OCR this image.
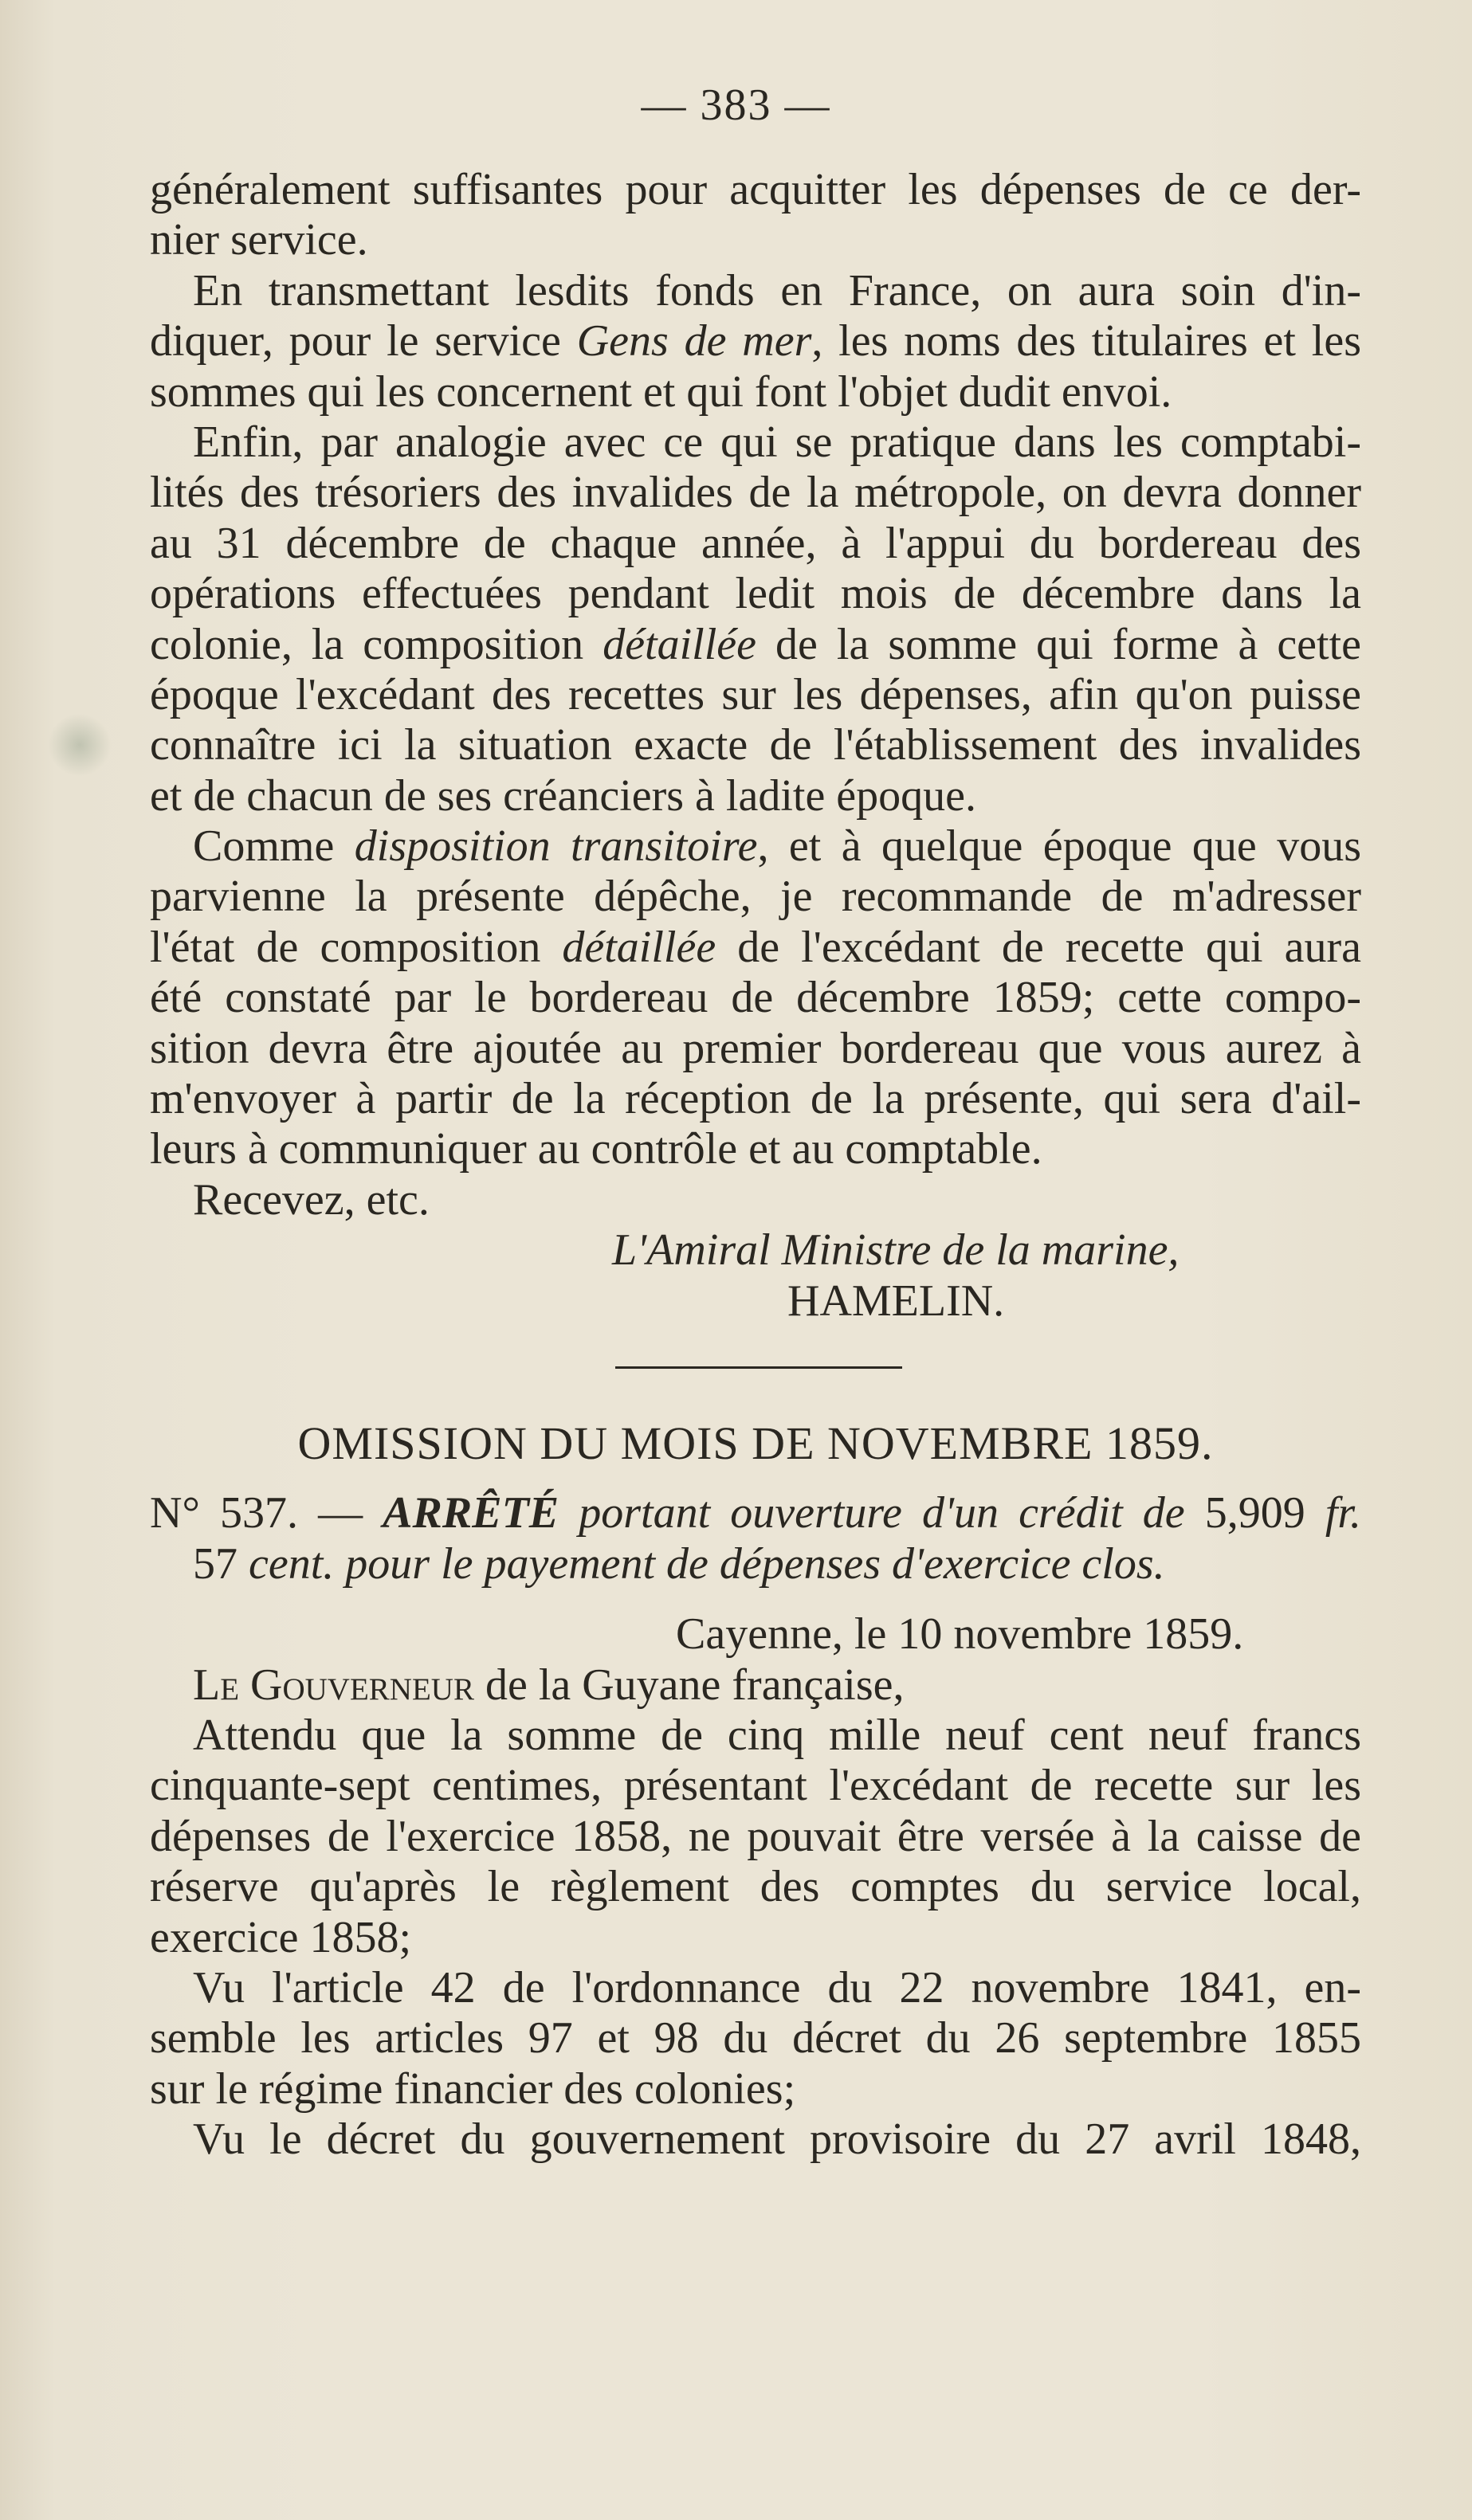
— 383 —
généralement suffisantes pour acquitter les dépenses de ce der-
nier service.
En transmettant lesdits fonds en France, on aura soin d'in-
diquer, pour le service Gens de mer, les noms des titulaires et les
sommes qui les concernent et qui font l'objet dudit envoi.
Enfin, par analogie avec ce qui se pratique dans les comptabi-
lités des trésoriers des invalides de la métropole, on devra donner
au 31 décembre de chaque année, à l'appui du bordereau des
opérations effectuées pendant ledit mois de décembre dans la
colonie, la composition détaillée de la somme qui forme à cette
époque l'excédant des recettes sur les dépenses, afin qu'on puisse
connaître ici la situation exacte de l'établissement des invalides
et de chacun de ses créanciers à ladite époque.
Comme disposition transitoire, et à quelque époque que vous
parvienne la présente dépêche, je recommande de m'adresser
l'état de composition détaillée de l'excédant de recette qui aura
été constaté par le bordereau de décembre 1859; cette compo-
sition devra être ajoutée au premier bordereau que vous aurez à
m'envoyer à partir de la réception de la présente, qui sera d'ail-
leurs à communiquer au contrôle et au comptable.
Recevez, etc.
L'Amiral Ministre de la marine,
HAMELIN.
OMISSION DU MOIS DE NOVEMBRE 1859.
N° 537. — ARRÊTÉ portant ouverture d'un crédit de 5,909 fr.
57 cent. pour le payement de dépenses d'exercice clos.
Cayenne, le 10 novembre 1859.
Le Gouverneur de la Guyane française,
Attendu que la somme de cinq mille neuf cent neuf francs
cinquante-sept centimes, présentant l'excédant de recette sur les
dépenses de l'exercice 1858, ne pouvait être versée à la caisse de
réserve qu'après le règlement des comptes du service local,
exercice 1858;
Vu l'article 42 de l'ordonnance du 22 novembre 1841, en-
semble les articles 97 et 98 du décret du 26 septembre 1855
sur le régime financier des colonies;
Vu le décret du gouvernement provisoire du 27 avril 1848,
